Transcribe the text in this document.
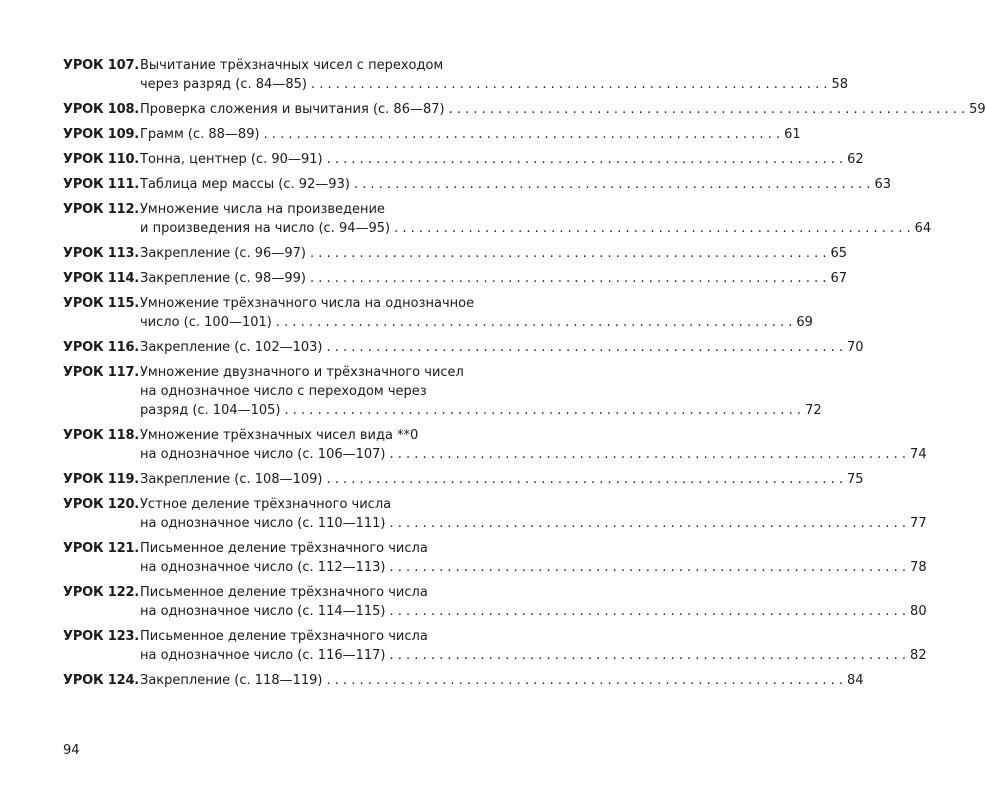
УРОК 107. Вычитание трёхзначных чисел с переходом
через разряд (с. 84—85) . . .	58
УРОК 108. Проверка сложения и вычитания (с. 86—87) . . .	59
УРОК 109. Грамм (с. 88—89) . . .	61
УРОК 110. Тонна, центнер (с. 90—91) . . .	62
УРОК 111. Таблица мер массы (с. 92—93) . . .	63
УРОК 112. Умножение числа на произведение
и произведения на число (с. 94—95) . . .	64
УРОК 113. Закрепление (с. 96—97) . . .	65
УРОК 114. Закрепление (с. 98—99) . . .	67
УРОК 115. Умножение трёхзначного числа на однозначное
число (с. 100—101) . . .	69
УРОК 116. Закрепление (с. 102—103) . . .	70
УРОК 117. Умножение двузначного и трёхзначного чисел
на однозначное число с переходом через
разряд (с. 104—105) . . .	72
УРОК 118. Умножение трёхзначных чисел вида **0
на однозначное число (с. 106—107) . . .	74
УРОК 119. Закрепление (с. 108—109) . . .	75
УРОК 120. Устное деление трёхзначного числа
на однозначное число (с. 110—111) . . .	77
УРОК 121. Письменное деление трёхзначного числа
на однозначное число (с. 112—113) . . .	78
УРОК 122. Письменное деление трёхзначного числа
на однозначное число (с. 114—115) . . .	80
УРОК 123. Письменное деление трёхзначного числа
на однозначное число (с. 116—117) . . .	82
УРОК 124. Закрепление (с. 118—119) . . .	84
94
